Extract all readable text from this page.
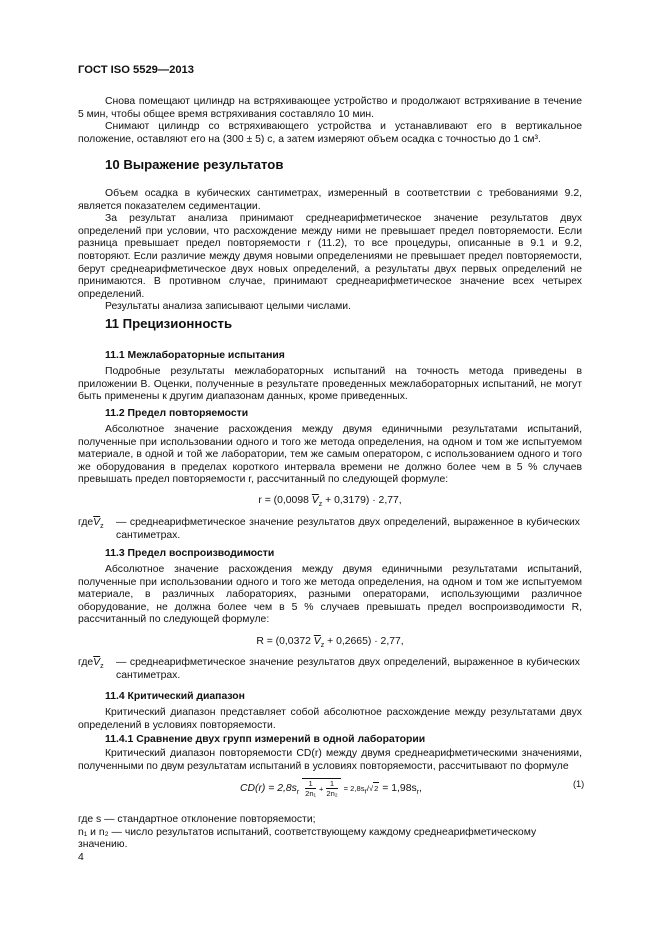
ГОСТ ISO 5529—2013

Снова помещают цилиндр на встряхивающее устройство и продолжают встряхивание в течение 5 мин, чтобы общее время встряхивания составляло 10 мин.

Снимают цилиндр со встряхивающего устройства и устанавливают его в вертикальное положение, оставляют его на (300 ± 5) с, а затем измеряют объем осадка с точностью до 1 см³.

10 Выражение результатов

Объем осадка в кубических сантиметрах, измеренный в соответствии с требованиями 9.2, является показателем седиментации.

За результат анализа принимают среднеарифметическое значение результатов двух определений при условии, что расхождение между ними не превышает предел повторяемости. Если разница превышает предел повторяемости r (11.2), то все процедуры, описанные в 9.1 и 9.2, повторяют. Если различие между двумя новыми определениями не превышает предел повторяемости, берут среднеарифметическое двух новых определений, а результаты двух первых определений не принимаются. В противном случае, принимают среднеарифметическое значение всех четырех определений.

Результаты анализа записывают целыми числами.

11 Прецизионность
11.1 Межлабораторные испытания

Подробные результаты межлабораторных испытаний на точность метода приведены в приложении В. Оценки, полученные в результате проведенных межлабораторных испытаний, не могут быть применены к другим диапазонам данных, кроме приведенных.

11.2 Предел повторяемости

Абсолютное значение расхождения между двумя единичными результатами испытаний, полученные при использовании одного и того же метода определения, на одном и том же испытуемом материале, в одной и той же лаборатории, тем же самым оператором, с использованием одного и того же оборудования в пределах короткого интервала времени не должно более чем в 5 % случаев превышать предел повторяемости r, рассчитанный по следующей формуле:

r = (0,0098 $\overline{V}_z + 0,3179) \cdot 2,77$,
$где\overline{V}_z$ — среднеарифметическое значение результатов двух определений, выраженное в кубических сантиметрах.
11.3 Предел воспроизводимости

Абсолютное значение расхождения между двумя единичными результатами испытаний, полученные при использовании одного и того же метода определения, на одном и том же испытуемом материале, в различных лабораториях, разными операторами, использующими различное оборудование, не должна более чем в 5 % случаев превышать предел воспроизводимости R, рассчитанный по следующей формуле:

R = (0,0372 $\overline{V}_z + 0,2665) \cdot 2,77$,
$где\overline{V}_z$ — среднеарифметическое значение результатов двух определений, выраженное в кубических сантиметрах.
11.4 Критический диапазон

Критический диапазон представляет собой абсолютное расхождение между результатами двух определений в условиях повторяемости.

11.4.1 Сравнение двух групп измерений в одной лаборатории

Критический диапазон повторяемости CD(r) между двумя среднеарифметическими значениями, полученными по двум результатам испытаний в условиях повторяемости, рассчитывают по формуле

$CD(r) = 2,8s_r \frac{1}{\text{2n₁}} + \frac{1}{\text{2n₂}} = 2,8s_r/√2 = 1,98s_r$,	(1)
где s — стандартное отклонение повторяемости;
n₁ и n₂ — число результатов испытаний, соответствующему каждому среднеарифметическому значению.
4
